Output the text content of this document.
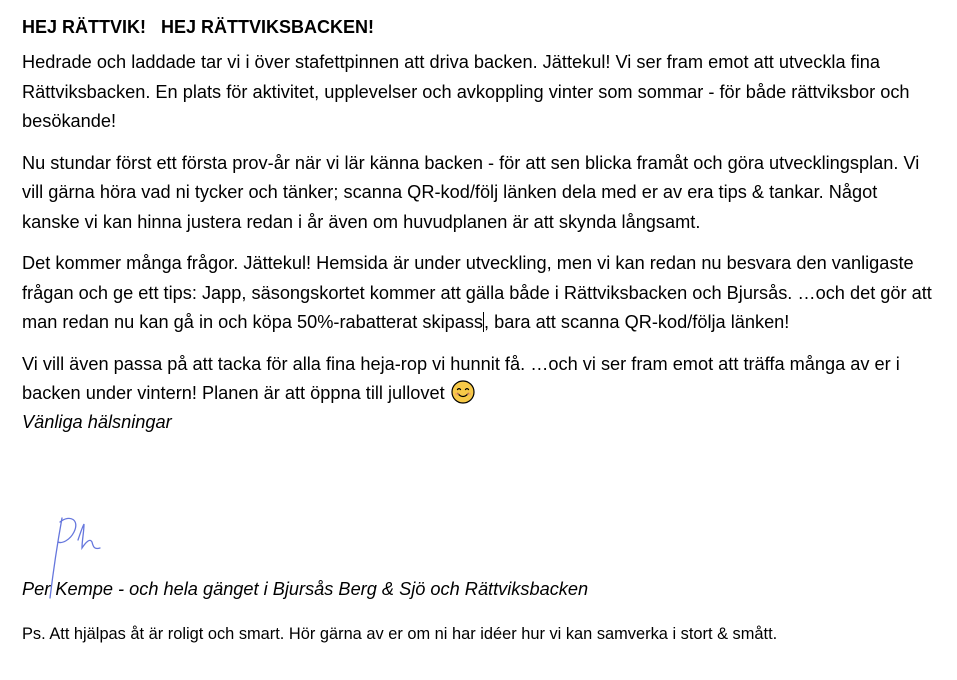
HEJ RÄTTVIK!   HEJ RÄTTVIKSBACKEN!

Hedrade och laddade tar vi i över stafettpinnen att driva backen. Jättekul! Vi ser fram emot att utveckla fina Rättviksbacken. En plats för aktivitet, upplevelser och avkoppling vinter som sommar - för både rättviksbor och besökande!

Nu stundar först ett första prov-år när vi lär känna backen - för att sen blicka framåt och göra utvecklingsplan. Vi vill gärna höra vad ni tycker och tänker; scanna QR-kod/följ länken dela med er av era tips & tankar. Något kanske vi kan hinna justera redan i år även om huvudplanen är att skynda långsamt.

Det kommer många frågor. Jättekul! Hemsida är under utveckling, men vi kan redan nu besvara den vanligaste frågan och ge ett tips: Japp, säsongskortet kommer att gälla både i Rättviksbacken och Bjursås. …och det gör att man redan nu kan gå in och köpa 50%-rabatterat skipass, bara att scanna QR-kod/följa länken!

Vi vill även passa på att tacka för alla fina heja-rop vi hunnit få. …och vi ser fram emot att träffa många av er i backen under vintern! Planen är att öppna till jullovet

Vänliga hälsningar

Per Kempe - och hela gänget i Bjursås Berg & Sjö och Rättviksbacken
Ps. Att hjälpas åt är roligt och smart. Hör gärna av er om ni har idéer hur vi kan samverka i stort & smått.
